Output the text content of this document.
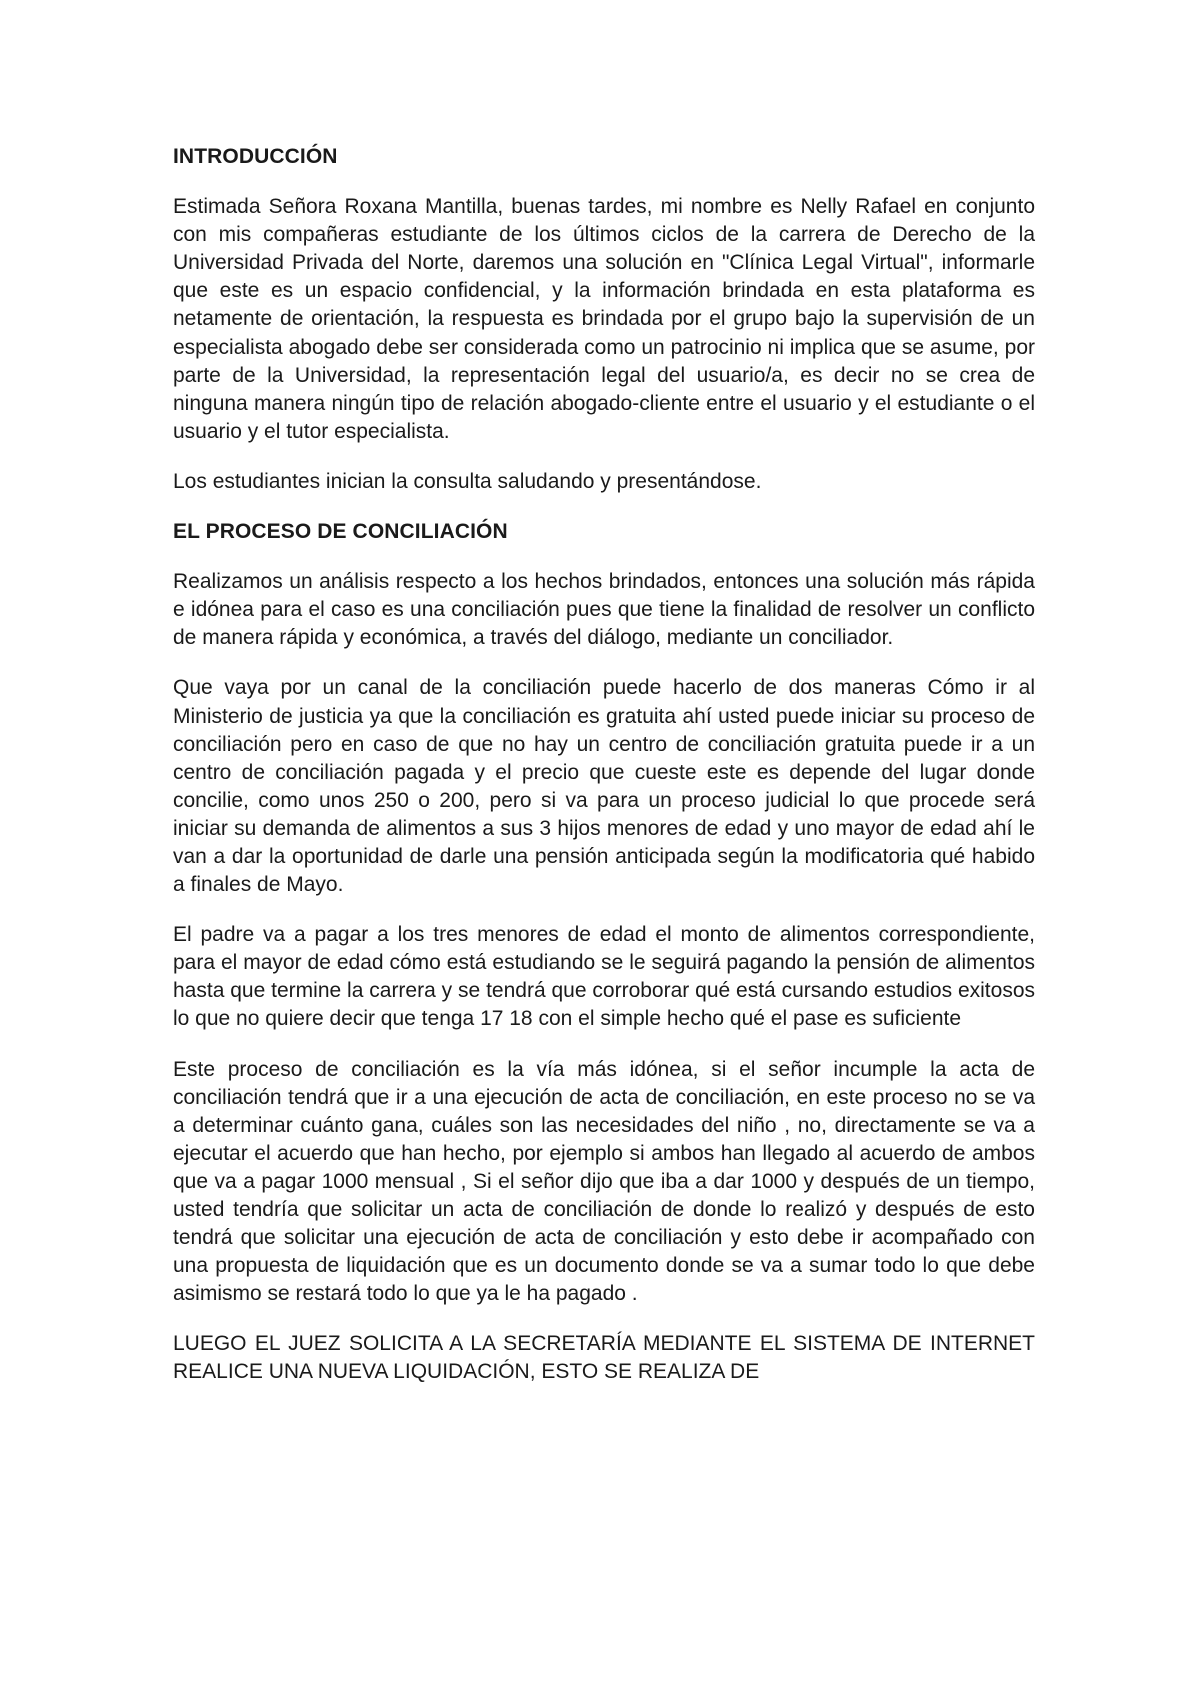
INTRODUCCIÓN

Estimada Señora Roxana Mantilla, buenas tardes, mi nombre es Nelly Rafael en conjunto con mis compañeras estudiante de los últimos ciclos de la carrera de Derecho de la Universidad Privada del Norte, daremos una solución en "Clínica Legal Virtual", informarle que este es un espacio confidencial, y la información brindada en esta plataforma es netamente de orientación, la respuesta es brindada por el grupo bajo la supervisión de un especialista abogado debe ser considerada como un patrocinio ni implica que se asume, por parte de la Universidad, la representación legal del usuario/a, es decir no se crea de ninguna manera ningún tipo de relación abogado-cliente entre el usuario y el estudiante o el usuario y el tutor especialista.

Los estudiantes inician la consulta saludando y presentándose.

EL PROCESO DE CONCILIACIÓN

Realizamos un análisis respecto a los hechos brindados, entonces una solución más rápida e idónea para el caso es una conciliación pues que tiene la finalidad de resolver un conflicto de manera rápida y económica, a través del diálogo, mediante un conciliador.

Que vaya por un canal de la conciliación puede hacerlo de dos maneras Cómo ir al Ministerio de justicia ya que la conciliación es gratuita ahí usted puede iniciar su proceso de conciliación pero en caso de que no hay un centro de conciliación gratuita puede ir a un centro de conciliación pagada y el precio que cueste este es depende del lugar donde concilie, como unos 250 o 200, pero si va para un proceso judicial lo que procede será iniciar su demanda de alimentos a sus 3 hijos menores de edad y uno mayor de edad ahí le van a dar la oportunidad de darle una pensión anticipada según la modificatoria qué habido a finales de Mayo.

El padre va a pagar a los tres menores de edad el monto de alimentos correspondiente, para el mayor de edad cómo está estudiando se le seguirá pagando la pensión de alimentos hasta que termine la carrera y se tendrá que corroborar qué está cursando estudios exitosos lo que no quiere decir que tenga 17 18 con el simple hecho qué el pase es suficiente

Este proceso de conciliación es la vía más idónea, si el señor incumple la acta de conciliación tendrá que ir a una ejecución de acta de conciliación, en este proceso no se va a determinar cuánto gana, cuáles son las necesidades del niño , no, directamente se va a ejecutar el acuerdo que han hecho, por ejemplo si ambos han llegado al acuerdo de ambos que va a pagar 1000 mensual , Si el señor dijo que iba a dar 1000 y después de un tiempo, usted tendría que solicitar un acta de conciliación de donde lo realizó y después de esto tendrá que solicitar una ejecución de acta de conciliación y esto debe ir acompañado con una propuesta de liquidación que es un documento donde se va a sumar todo lo que debe asimismo se restará todo lo que ya le ha pagado .

LUEGO EL JUEZ SOLICITA A LA SECRETARÍA MEDIANTE EL SISTEMA DE INTERNET REALICE UNA NUEVA LIQUIDACIÓN, ESTO SE REALIZA DE
